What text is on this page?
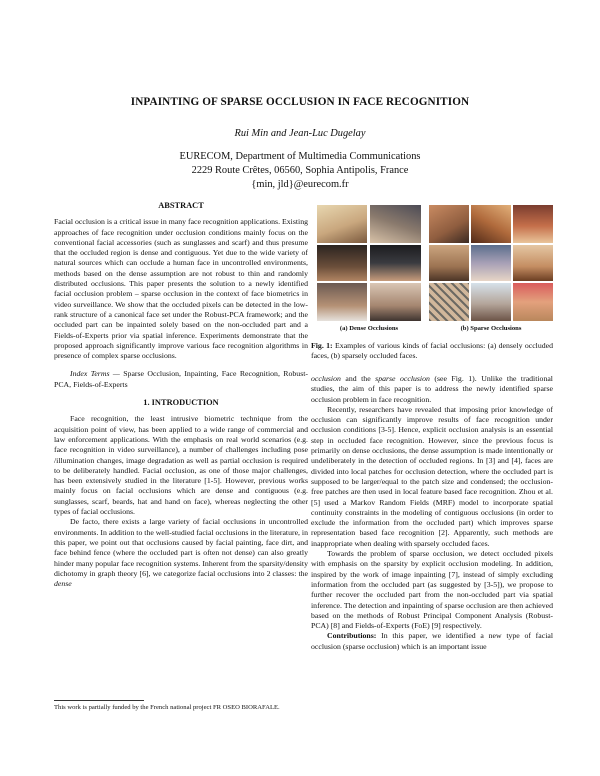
INPAINTING OF SPARSE OCCLUSION IN FACE RECOGNITION
Rui Min and Jean-Luc Dugelay
EURECOM, Department of Multimedia Communications
2229 Route Crêtes, 06560, Sophia Antipolis, France
{min, jld}@eurecom.fr
ABSTRACT

Facial occlusion is a critical issue in many face recognition applications. Existing approaches of face recognition under occlusion conditions mainly focus on the conventional facial accessories (such as sunglasses and scarf) and thus presume that the occluded region is dense and contiguous. Yet due to the wide variety of natural sources which can occlude a human face in uncontrolled environments, methods based on the dense assumption are not robust to thin and randomly distributed occlusions. This paper presents the solution to a newly identified facial occlusion problem – sparse occlusion in the context of face biometrics in video surveillance. We show that the occluded pixels can be detected in the low-rank structure of a canonical face set under the Robust-PCA framework; and the occluded part can be inpainted solely based on the non-occluded part and a Fields-of-Experts prior via spatial inference. Experiments demonstrate that the proposed approach significantly improve various face recognition algorithms in presence of complex sparse occlusions.

Index Terms — Sparse Occlusion, Inpainting, Face Recognition, Robust-PCA, Fields-of-Experts

1. INTRODUCTION

Face recognition, the least intrusive biometric technique from the acquisition point of view, has been applied to a wide range of commercial and law enforcement applications. With the emphasis on real world scenarios (e.g. face recognition in video surveillance), a number of challenges including pose /illumination changes, image degradation as well as partial occlusion is required to be deliberately handled. Facial occlusion, as one of those major challenges, has been extensively studied in the literature [1-5]. However, previous works mainly focus on facial occlusions which are dense and contiguous (e.g. sunglasses, scarf, beards, hat and hand on face), whereas neglecting the other types of facial occlusions.

De facto, there exists a large variety of facial occlusions in uncontrolled environments. In addition to the well-studied facial occlusions in the literature, in this paper, we point out that occlusions caused by facial painting, face dirt, and face behind fence (where the occluded part is often not dense) can also greatly hinder many popular face recognition systems. Inherent from the sparsity/density dichotomy in graph theory [6], we categorize facial occlusions into 2 classes: the dense

This work is partially funded by the French national project FR OSEO BIORAFALE.
(a) Dense Occlusions	(b) Sparse Occlusions
Fig. 1: Examples of various kinds of facial occlusions: (a) densely occluded faces, (b) sparsely occluded faces.

occlusion and the sparse occlusion (see Fig. 1). Unlike the traditional studies, the aim of this paper is to address the newly identified sparse occlusion problem in face recognition.

Recently, researchers have revealed that imposing prior knowledge of occlusion can significantly improve results of face recognition under occlusion conditions [3-5]. Hence, explicit occlusion analysis is an essential step in occluded face recognition. However, since the previous focus is primarily on dense occlusions, the dense assumption is made intentionally or undeliberately in the detection of occluded regions. In [3] and [4], faces are divided into local patches for occlusion detection, where the occluded part is supposed to be larger/equal to the patch size and condensed; the occlusion-free patches are then used in local feature based face recognition. Zhou et al. [5] used a Markov Random Fields (MRF) model to incorporate spatial continuity constraints in the modeling of contiguous occlusions (in order to exclude the information from the occluded part) which improves sparse representation based face recognition [2]. Apparently, such methods are inappropriate when dealing with sparsely occluded faces.

Towards the problem of sparse occlusion, we detect occluded pixels with emphasis on the sparsity by explicit occlusion modeling. In addition, inspired by the work of image inpainting [7], instead of simply excluding information from the occluded part (as suggested by [3-5]), we propose to further recover the occluded part from the non-occluded part via spatial inference. The detection and inpainting of sparse occlusion are then achieved based on the methods of Robust Principal Component Analysis (Robust-PCA) [8] and Fields-of-Experts (FoE) [9] respectively.

Contributions: In this paper, we identified a new type of facial occlusion (sparse occlusion) which is an important issue
